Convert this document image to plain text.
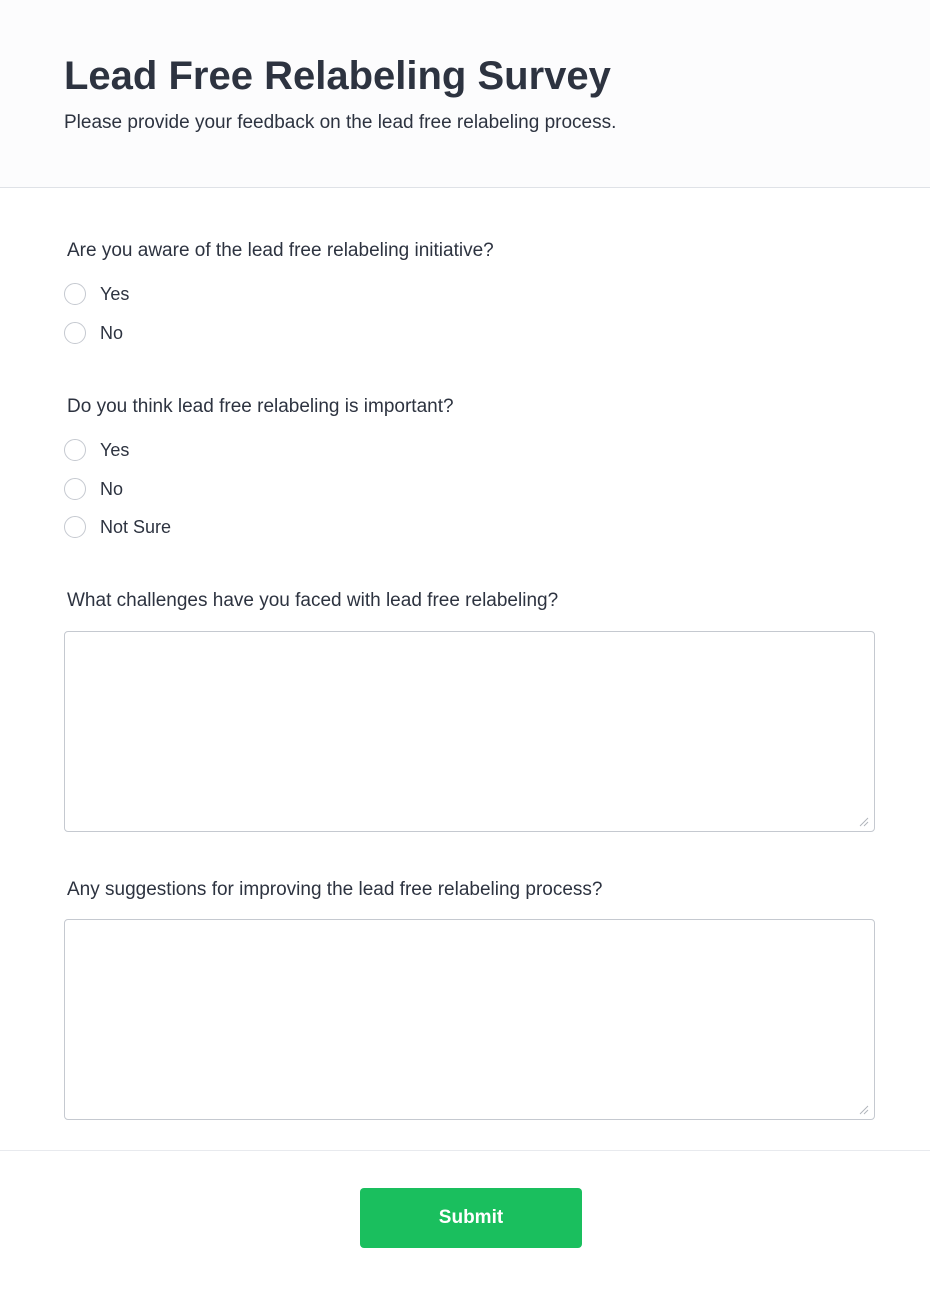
Lead Free Relabeling Survey

Please provide your feedback on the lead free relabeling process.

Are you aware of the lead free relabeling initiative?
Yes
No
Do you think lead free relabeling is important?
Yes
No
Not Sure
What challenges have you faced with lead free relabeling?
Any suggestions for improving the lead free relabeling process?
Submit
